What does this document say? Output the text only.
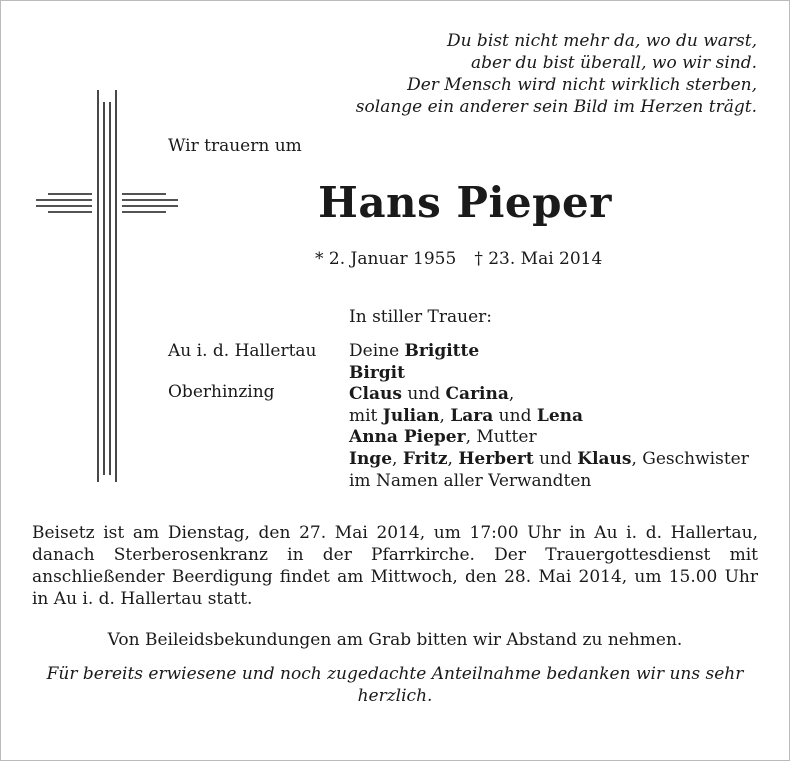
Du bist nicht mehr da, wo du warst,
aber du bist überall, wo wir sind.
Der Mensch wird nicht wirklich sterben,
solange ein anderer sein Bild im Herzen trägt.
Wir trauern um
Hans Pieper
* 2. Januar 1955 † 23. Mai 2014
In stiller Trauer:
Au i. d. Hallertau
Oberhinzing
Deine Brigitte
Birgit
Claus und Carina,
mit Julian, Lara und Lena
Anna Pieper, Mutter
Inge, Fritz, Herbert und Klaus, Geschwister
im Namen aller Verwandten
Beisetz ist am Dienstag, den 27. Mai 2014, um 17:00 Uhr in Au i. d. Hallertau, danach Sterberosenkranz in der Pfarrkirche. Der Trauergottesdienst mit anschließender Beerdigung findet am Mittwoch, den 28. Mai 2014, um 15.00 Uhr in Au i. d. Hallertau statt.
Von Beileidsbekundungen am Grab bitten wir Abstand zu nehmen.
Für bereits erwiesene und noch zugedachte Anteilnahme bedanken wir uns sehr herzlich.
